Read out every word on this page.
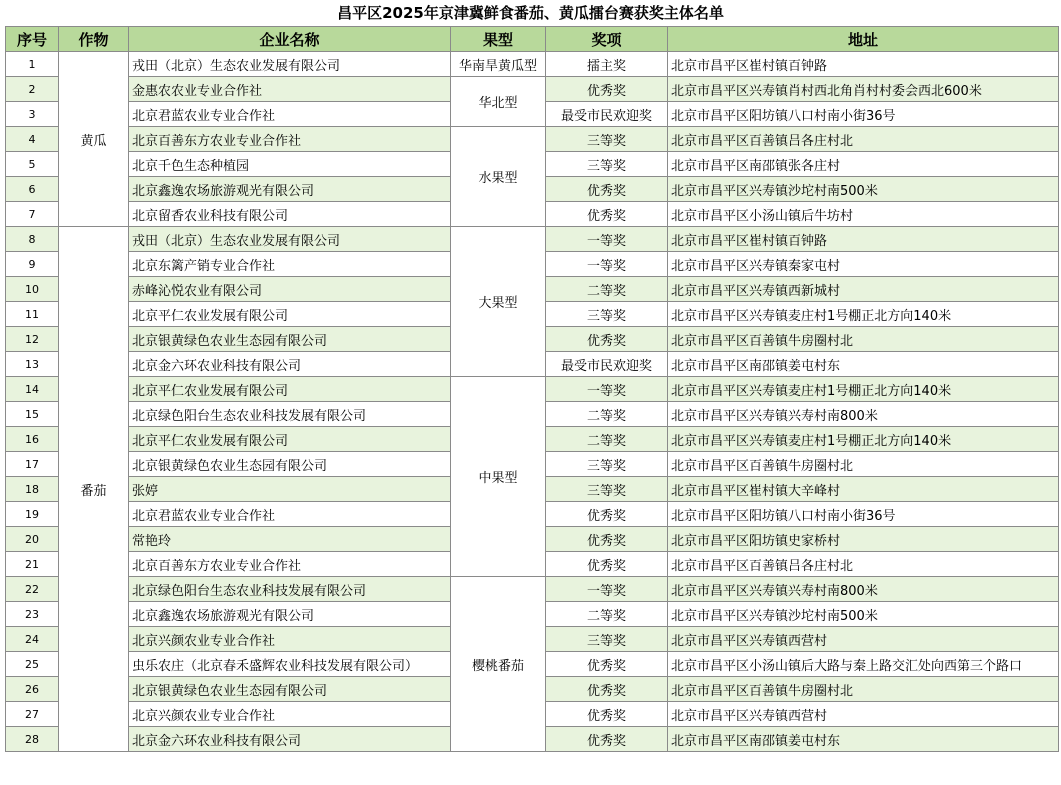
昌平区2025年京津冀鲜食番茄、黄瓜擂台赛获奖主体名单
序号	作物	企业名称	果型	奖项	地址
1	黄瓜	戎田（北京）生态农业发展有限公司	华南旱黄瓜型	擂主奖	北京市昌平区崔村镇百钟路
2		金惠农农业专业合作社	华北型	优秀奖	北京市昌平区兴寿镇肖村西北角肖村村委会西北600米
3		北京君蓝农业专业合作社		最受市民欢迎奖	北京市昌平区阳坊镇八口村南小街36号
4		北京百善东方农业专业合作社	水果型	三等奖	北京市昌平区百善镇吕各庄村北
5		北京千色生态种植园		三等奖	北京市昌平区南邵镇张各庄村
6		北京鑫逸农场旅游观光有限公司		优秀奖	北京市昌平区兴寿镇沙坨村南500米
7		北京留香农业科技有限公司		优秀奖	北京市昌平区小汤山镇后牛坊村
8	番茄	戎田（北京）生态农业发展有限公司	大果型	一等奖	北京市昌平区崔村镇百钟路
9		北京东篱产销专业合作社		一等奖	北京市昌平区兴寿镇秦家屯村
10		赤峰沁悦农业有限公司		二等奖	北京市昌平区兴寿镇西新城村
11		北京平仁农业发展有限公司		三等奖	北京市昌平区兴寿镇麦庄村1号棚正北方向140米
12		北京银黄绿色农业生态园有限公司		优秀奖	北京市昌平区百善镇牛房圈村北
13		北京金六环农业科技有限公司		最受市民欢迎奖	北京市昌平区南邵镇姜屯村东
14		北京平仁农业发展有限公司	中果型	一等奖	北京市昌平区兴寿镇麦庄村1号棚正北方向140米
15		北京绿色阳台生态农业科技发展有限公司		二等奖	北京市昌平区兴寿镇兴寿村南800米
16		北京平仁农业发展有限公司		二等奖	北京市昌平区兴寿镇麦庄村1号棚正北方向140米
17		北京银黄绿色农业生态园有限公司		三等奖	北京市昌平区百善镇牛房圈村北
18		张婷		三等奖	北京市昌平区崔村镇大辛峰村
19		北京君蓝农业专业合作社		优秀奖	北京市昌平区阳坊镇八口村南小街36号
20		常艳玲		优秀奖	北京市昌平区阳坊镇史家桥村
21		北京百善东方农业专业合作社		优秀奖	北京市昌平区百善镇吕各庄村北
22		北京绿色阳台生态农业科技发展有限公司	樱桃番茄	一等奖	北京市昌平区兴寿镇兴寿村南800米
23		北京鑫逸农场旅游观光有限公司		二等奖	北京市昌平区兴寿镇沙坨村南500米
24		北京兴颜农业专业合作社		三等奖	北京市昌平区兴寿镇西营村
25		虫乐农庄（北京春禾盛辉农业科技发展有限公司）		优秀奖	北京市昌平区小汤山镇后大路与秦上路交汇处向西第三个路口
26		北京银黄绿色农业生态园有限公司		优秀奖	北京市昌平区百善镇牛房圈村北
27		北京兴颜农业专业合作社		优秀奖	北京市昌平区兴寿镇西营村
28		北京金六环农业科技有限公司		优秀奖	北京市昌平区南邵镇姜屯村东
